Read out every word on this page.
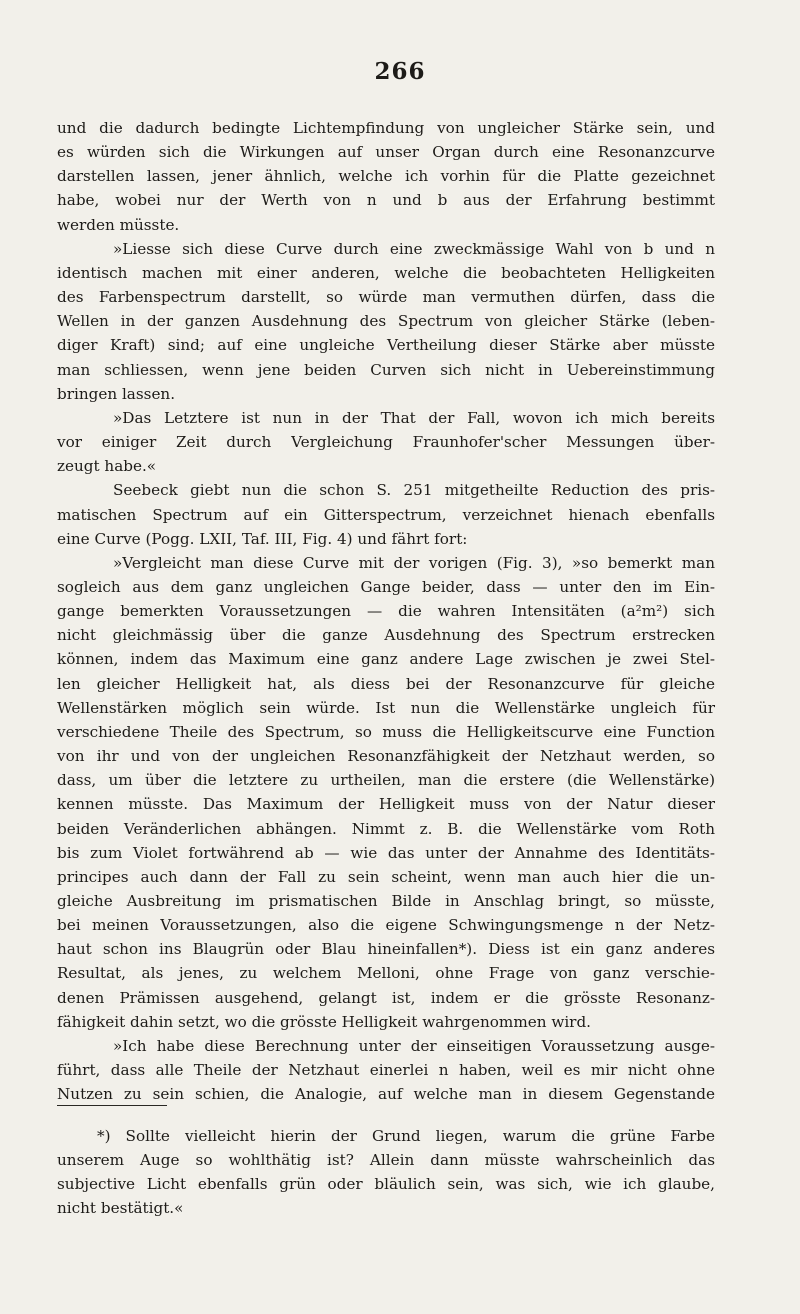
266
und die dadurch bedingte Lichtempfindung von ungleicher Stärke sein, und
es würden sich die Wirkungen auf unser Organ durch eine Resonanzcurve
darstellen lassen, jener ähnlich, welche ich vorhin für die Platte gezeichnet
habe, wobei nur der Werth von n und b aus der Erfahrung bestimmt
werden müsste.
»Liesse sich diese Curve durch eine zweckmässige Wahl von b und n
identisch machen mit einer anderen, welche die beobachteten Helligkeiten
des Farbenspectrum darstellt, so würde man vermuthen dürfen, dass die
Wellen in der ganzen Ausdehnung des Spectrum von gleicher Stärke (leben-
diger Kraft) sind; auf eine ungleiche Vertheilung dieser Stärke aber müsste
man schliessen, wenn jene beiden Curven sich nicht in Uebereinstimmung
bringen lassen.
»Das Letztere ist nun in der That der Fall, wovon ich mich bereits
vor einiger Zeit durch Vergleichung Fraunhofer'scher Messungen über-
zeugt habe.«
Seebeck giebt nun die schon S. 251 mitgetheilte Reduction des pris-
matischen Spectrum auf ein Gitterspectrum, verzeichnet hienach ebenfalls
eine Curve (Pogg. LXII, Taf. III, Fig. 4) und fährt fort:
»Vergleicht man diese Curve mit der vorigen (Fig. 3), »so bemerkt man
sogleich aus dem ganz ungleichen Gange beider, dass — unter den im Ein-
gange bemerkten Voraussetzungen — die wahren Intensitäten (a²m²) sich
nicht gleichmässig über die ganze Ausdehnung des Spectrum erstrecken
können, indem das Maximum eine ganz andere Lage zwischen je zwei Stel-
len gleicher Helligkeit hat, als diess bei der Resonanzcurve für gleiche
Wellenstärken möglich sein würde. Ist nun die Wellenstärke ungleich für
verschiedene Theile des Spectrum, so muss die Helligkeitscurve eine Function
von ihr und von der ungleichen Resonanzfähigkeit der Netzhaut werden, so
dass, um über die letztere zu urtheilen, man die erstere (die Wellenstärke)
kennen müsste. Das Maximum der Helligkeit muss von der Natur dieser
beiden Veränderlichen abhängen. Nimmt z. B. die Wellenstärke vom Roth
bis zum Violet fortwährend ab — wie das unter der Annahme des Identitäts-
principes auch dann der Fall zu sein scheint, wenn man auch hier die un-
gleiche Ausbreitung im prismatischen Bilde in Anschlag bringt, so müsste,
bei meinen Voraussetzungen, also die eigene Schwingungsmenge n der Netz-
haut schon ins Blaugrün oder Blau hineinfallen*). Diess ist ein ganz anderes
Resultat, als jenes, zu welchem Melloni, ohne Frage von ganz verschie-
denen Prämissen ausgehend, gelangt ist, indem er die grösste Resonanz-
fähigkeit dahin setzt, wo die grösste Helligkeit wahrgenommen wird.
»Ich habe diese Berechnung unter der einseitigen Voraussetzung ausge-
führt, dass alle Theile der Netzhaut einerlei n haben, weil es mir nicht ohne
Nutzen zu sein schien, die Analogie, auf welche man in diesem Gegenstande
*) Sollte vielleicht hierin der Grund liegen, warum die grüne Farbe
unserem Auge so wohlthätig ist? Allein dann müsste wahrscheinlich das
subjective Licht ebenfalls grün oder bläulich sein, was sich, wie ich glaube,
nicht bestätigt.«
